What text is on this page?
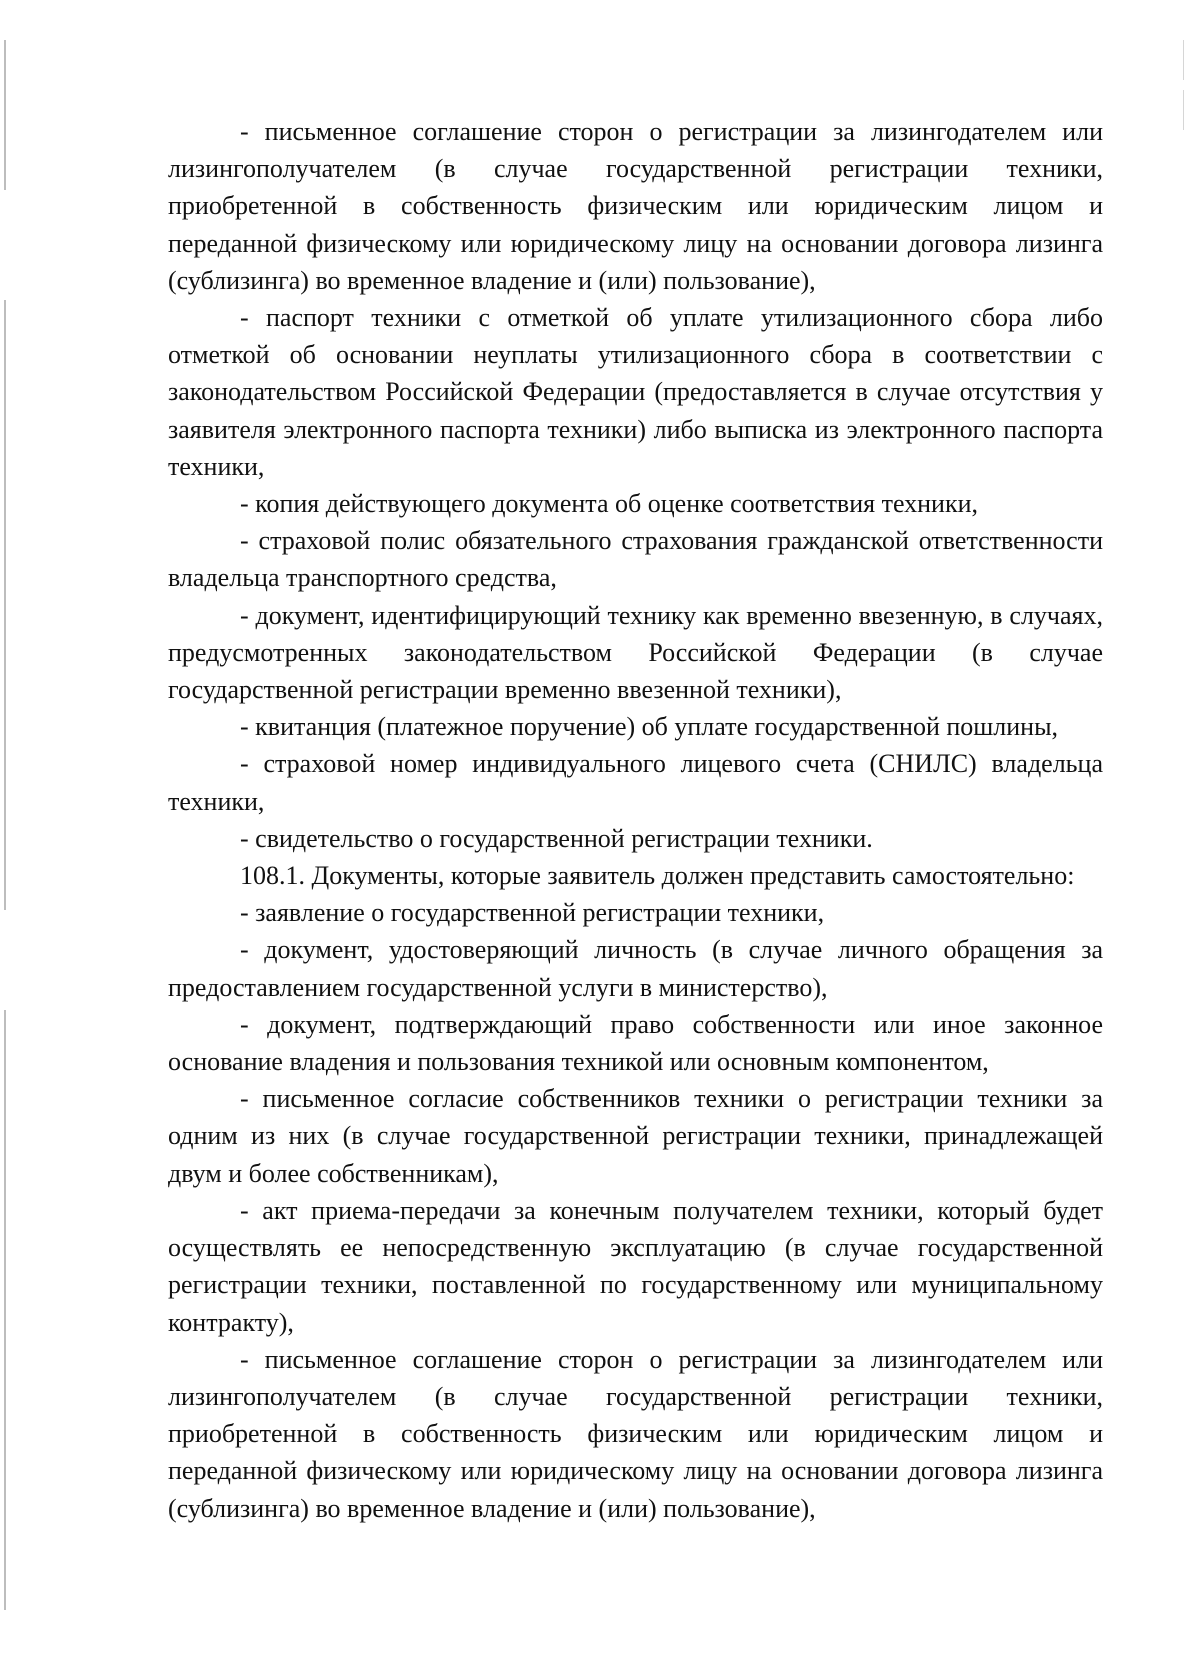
- письменное соглашение сторон о регистрации за лизингодателем или лизингополучателем (в случае государственной регистрации техники, приобретенной в собственность физическим или юридическим лицом и переданной физическому или юридическому лицу на основании договора лизинга (сублизинга) во временное владение и (или) пользование),

- паспорт техники с отметкой об уплате утилизационного сбора либо отметкой об основании неуплаты утилизационного сбора в соответствии с законодательством Российской Федерации (предоставляется в случае отсутствия у заявителя электронного паспорта техники) либо выписка из электронного паспорта техники,

- копия действующего документа об оценке соответствия техники,

- страховой полис обязательного страхования гражданской ответственности владельца транспортного средства,

- документ, идентифицирующий технику как временно ввезенную, в случаях, предусмотренных законодательством Российской Федерации (в случае государственной регистрации временно ввезенной техники),

- квитанция (платежное поручение) об уплате государственной пошлины,

- страховой номер индивидуального лицевого счета (СНИЛС) владельца техники,

- свидетельство о государственной регистрации техники.

108.1. Документы, которые заявитель должен представить самостоятельно:

- заявление о государственной регистрации техники,

- документ, удостоверяющий личность (в случае личного обращения за предоставлением государственной услуги в министерство),

- документ, подтверждающий право собственности или иное законное основание владения и пользования техникой или основным компонентом,

- письменное согласие собственников техники о регистрации техники за одним из них (в случае государственной регистрации техники, принадлежащей двум и более собственникам),

- акт приема-передачи за конечным получателем техники, который будет осуществлять ее непосредственную эксплуатацию (в случае государственной регистрации техники, поставленной по государственному или муниципальному контракту),

- письменное соглашение сторон о регистрации за лизингодателем или лизингополучателем (в случае государственной регистрации техники, приобретенной в собственность физическим или юридическим лицом и переданной физическому или юридическому лицу на основании договора лизинга (сублизинга) во временное владение и (или) пользование),
